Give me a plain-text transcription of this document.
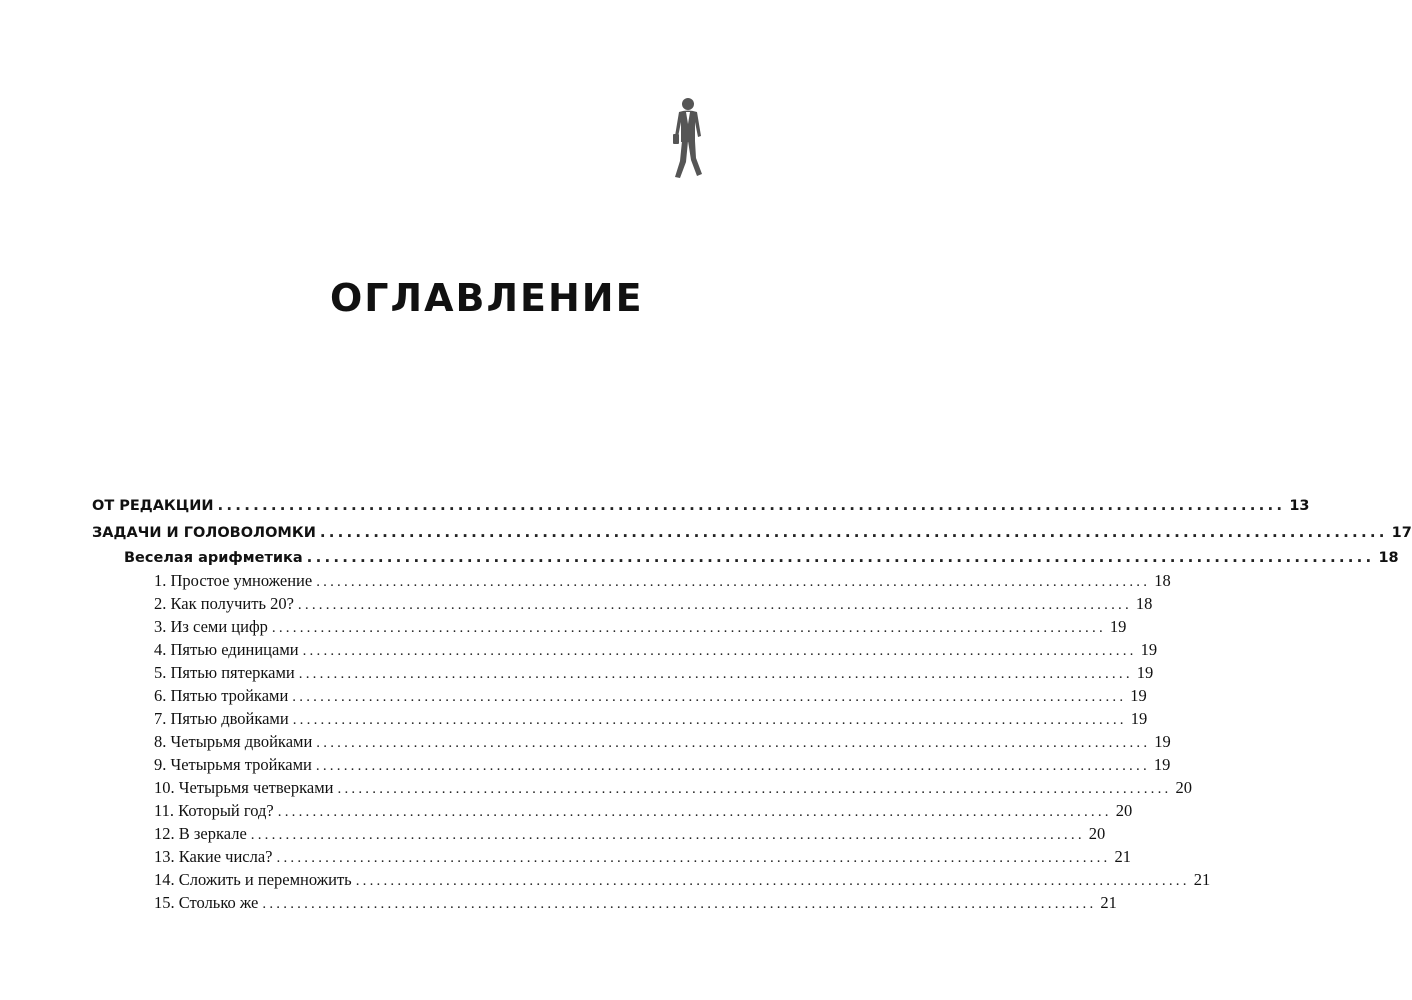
ОГЛАВЛЕНИЕ
ОТ РЕДАКЦИИ ........................................................................................................................ 13
ЗАДАЧИ И ГОЛОВОЛОМКИ ........................................................................................................................ 17
Веселая арифметика ........................................................................................................................ 18
1. Простое умножение ........................................................................................................................ 18
2. Как получить 20? ........................................................................................................................ 18
3. Из семи цифр ........................................................................................................................ 19
4. Пятью единицами ........................................................................................................................ 19
5. Пятью пятерками ........................................................................................................................ 19
6. Пятью тройками ........................................................................................................................ 19
7. Пятью двойками ........................................................................................................................ 19
8. Четырьмя двойками ........................................................................................................................ 19
9. Четырьмя тройками ........................................................................................................................ 19
10. Четырьмя четверками ........................................................................................................................ 20
11. Который год? ........................................................................................................................ 20
12. В зеркале ........................................................................................................................ 20
13. Какие числа? ........................................................................................................................ 21
14. Сложить и перемножить ........................................................................................................................ 21
15. Столько же ........................................................................................................................ 21
